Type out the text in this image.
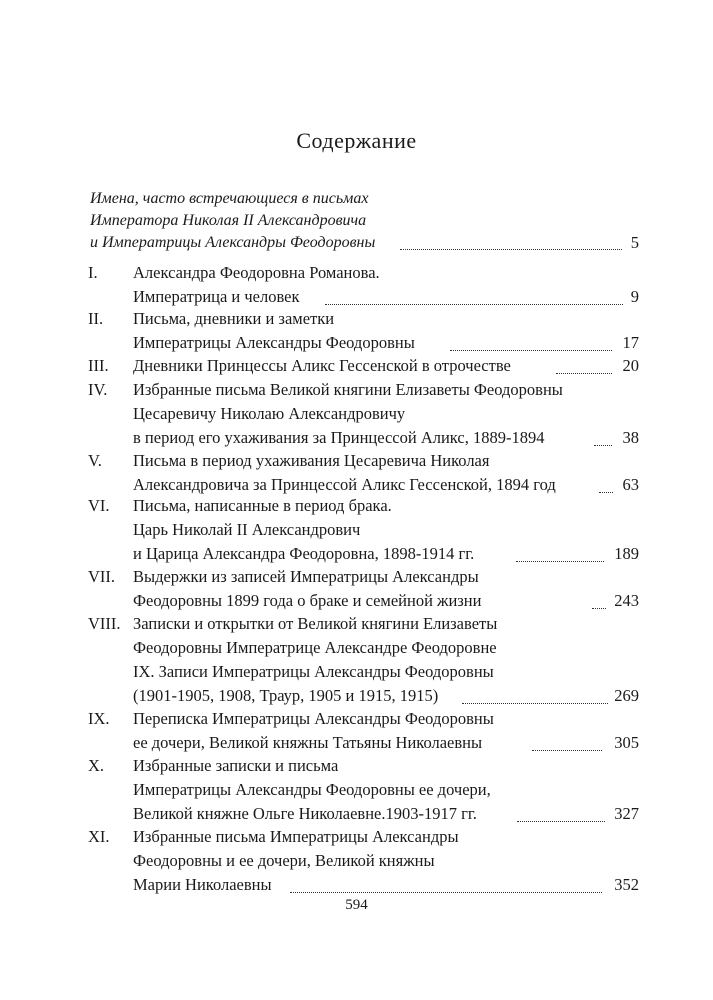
Содержание
Имена, часто встречающиеся в письмах
Императора Николая II Александровича
и Императрицы Александры Феодоровны	5
I. Александра Феодоровна Романова.
Императрица и человек	9
II. Письма, дневники и заметки
Императрицы Александры Феодоровны	17
III. Дневники Принцессы Аликс Гессенской в отрочестве	20
IV. Избранные письма Великой княгини Елизаветы Феодоровны
Цесаревичу Николаю Александровичу
в период его ухаживания за Принцессой Аликс, 1889-1894	38
V. Письма в период ухаживания Цесаревича Николая
Александровича за Принцессой Аликс Гессенской, 1894 год	63
VI. Письма, написанные в период брака.
Царь Николай II Александрович
и Царица Александра Феодоровна, 1898-1914 гг.	189
VII. Выдержки из записей Императрицы Александры
Феодоровны 1899 года о браке и семейной жизни	243
VIII. Записки и открытки от Великой княгини Елизаветы
Феодоровны Императрице Александре Феодоровне
IX. Записи Императрицы Александры Феодоровны
(1901-1905, 1908, Траур, 1905 и 1915, 1915)	269
IX. Переписка Императрицы Александры Феодоровны
ее дочери, Великой княжны Татьяны Николаевны	305
X. Избранные записки и письма
Императрицы Александры Феодоровны ее дочери,
Великой княжне Ольге Николаевне.1903-1917 гг.	327
XI. Избранные письма Императрицы Александры
Феодоровны и ее дочери, Великой княжны
Марии Николаевны	352
594
